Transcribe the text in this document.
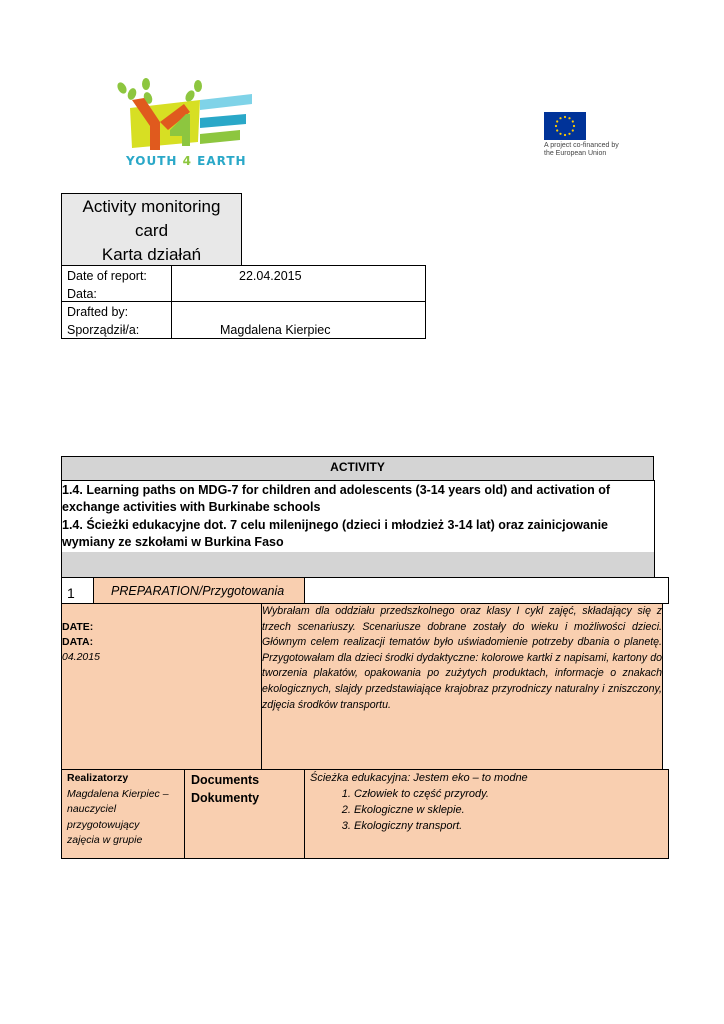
YOUTH 4 EARTH
A project co-financed by the European Union
Activity monitoring
card
Karta działań
Date of report:
Data:
22.04.2015
Drafted by:
Sporządził/a:	Magdalena Kierpiec
ACTIVITY
1.4. Learning paths on MDG-7 for children and adolescents (3-14 years old) and activation of exchange activities with Burkinabe schools
1.4. Ścieżki edukacyjne dot. 7 celu milenijnego (dzieci i młodzież 3-14 lat) oraz zainicjowanie wymiany ze szkołami w Burkina Faso
1	PREPARATION/Przygotowania
DATE:
DATA:
04.2015
Wybrałam dla oddziału przedszkolnego oraz klasy I cykl zajęć, składający się z trzech scenariuszy. Scenariusze dobrane zostały do wieku i możliwości dzieci. Głównym celem realizacji tematów było uświadomienie potrzeby dbania o planetę. Przygotowałam dla dzieci środki dydaktyczne: kolorowe kartki z napisami, kartony do tworzenia plakatów, opakowania po zużytych produktach, informacje o znakach ekologicznych, slajdy przedstawiające krajobraz przyrodniczy naturalny i zniszczony, zdjęcia środków transportu.
Realizatorzy
Magdalena Kierpiec –
nauczyciel
przygotowujący
zajęcia w grupie
Documents
Dokumenty
Ścieżka edukacyjna: Jestem eko – to modne
1. Człowiek to część przyrody.
2. Ekologiczne w sklepie.
3. Ekologiczny transport.
